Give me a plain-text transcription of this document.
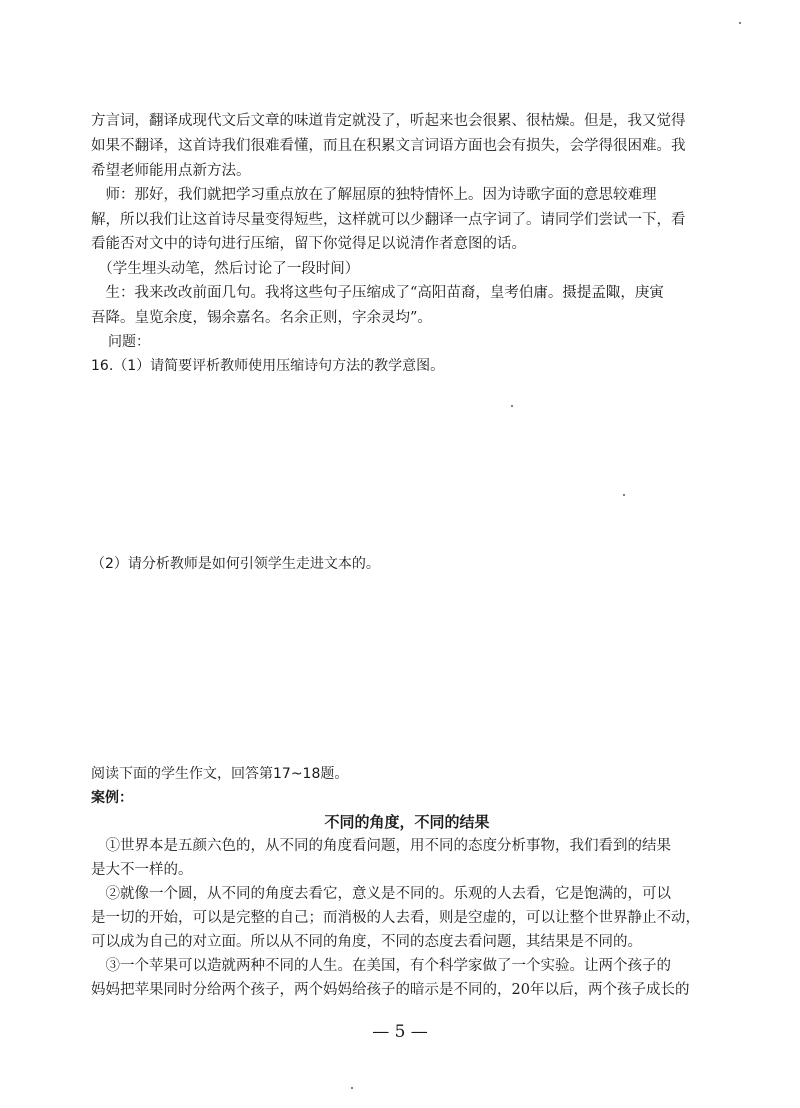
方言词，翻译成现代文后文章的味道肯定就没了，听起来也会很累、很枯燥。但是，我又觉得
如果不翻译，这首诗我们很难看懂，而且在积累文言词语方面也会有损失，会学得很困难。我
希望老师能用点新方法。
　师：那好，我们就把学习重点放在了解屈原的独特情怀上。因为诗歌字面的意思较难理
解，所以我们让这首诗尽量变得短些，这样就可以少翻译一点字词了。请同学们尝试一下，看
看能否对文中的诗句进行压缩，留下你觉得足以说清作者意图的话。
　（学生埋头动笔，然后讨论了一段时间）
　生：我来改改前面几句。我将这些句子压缩成了“高阳苗裔，皇考伯庸。摄提孟陬，庚寅
吾降。皇览余度，锡余嘉名。名余正则，字余灵均”。
问题：
16.（1）请简要评析教师使用压缩诗句方法的教学意图。
（2）请分析教师是如何引领学生走进文本的。
阅读下面的学生作文，回答第17~18题。
案例：
不同的角度，不同的结果
　①世界本是五颜六色的，从不同的角度看问题，用不同的态度分析事物，我们看到的结果
是大不一样的。
　②就像一个圆，从不同的角度去看它，意义是不同的。乐观的人去看，它是饱满的，可以
是一切的开始，可以是完整的自己；而消极的人去看，则是空虚的，可以让整个世界静止不动，
可以成为自己的对立面。所以从不同的角度，不同的态度去看问题，其结果是不同的。
　③一个苹果可以造就两种不同的人生。在美国，有个科学家做了一个实验。让两个孩子的
妈妈把苹果同时分给两个孩子，两个妈妈给孩子的暗示是不同的，20年以后，两个孩子成长的
— 5 —
